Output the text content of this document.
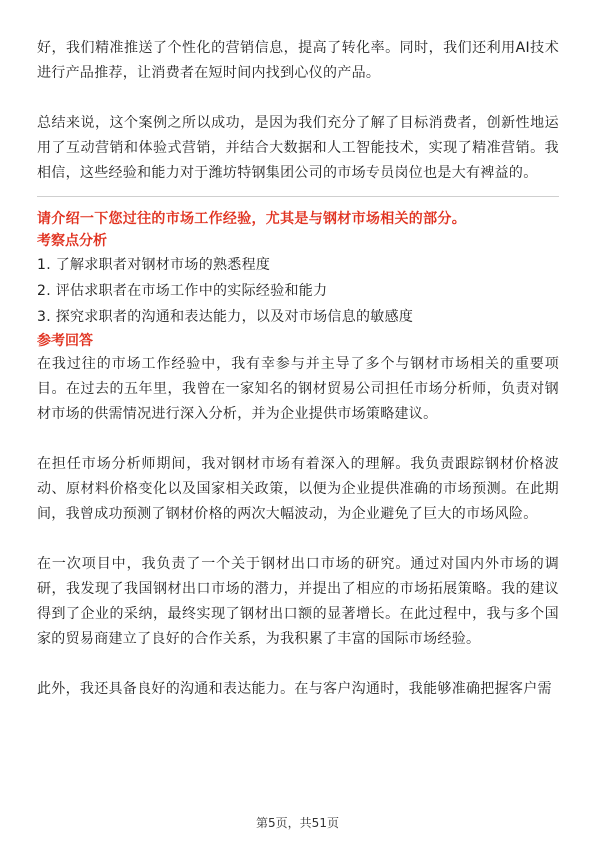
好，我们精准推送了个性化的营销信息，提高了转化率。同时，我们还利用AI技术进行产品推荐，让消费者在短时间内找到心仪的产品。

总结来说，这个案例之所以成功，是因为我们充分了解了目标消费者，创新性地运用了互动营销和体验式营销，并结合大数据和人工智能技术，实现了精准营销。我相信，这些经验和能力对于潍坊特钢集团公司的市场专员岗位也是大有裨益的。

请介绍一下您过往的市场工作经验，尤其是与钢材市场相关的部分。

考察点分析

1. 了解求职者对钢材市场的熟悉程度

2. 评估求职者在市场工作中的实际经验和能力

3. 探究求职者的沟通和表达能力，以及对市场信息的敏感度

参考回答

在我过往的市场工作经验中，我有幸参与并主导了多个与钢材市场相关的重要项目。在过去的五年里，我曾在一家知名的钢材贸易公司担任市场分析师，负责对钢材市场的供需情况进行深入分析，并为企业提供市场策略建议。

在担任市场分析师期间，我对钢材市场有着深入的理解。我负责跟踪钢材价格波动、原材料价格变化以及国家相关政策，以便为企业提供准确的市场预测。在此期间，我曾成功预测了钢材价格的两次大幅波动，为企业避免了巨大的市场风险。

在一次项目中，我负责了一个关于钢材出口市场的研究。通过对国内外市场的调研，我发现了我国钢材出口市场的潜力，并提出了相应的市场拓展策略。我的建议得到了企业的采纳，最终实现了钢材出口额的显著增长。在此过程中，我与多个国家的贸易商建立了良好的合作关系，为我积累了丰富的国际市场经验。

此外，我还具备良好的沟通和表达能力。在与客户沟通时，我能够准确把握客户需

第5页，共51页
